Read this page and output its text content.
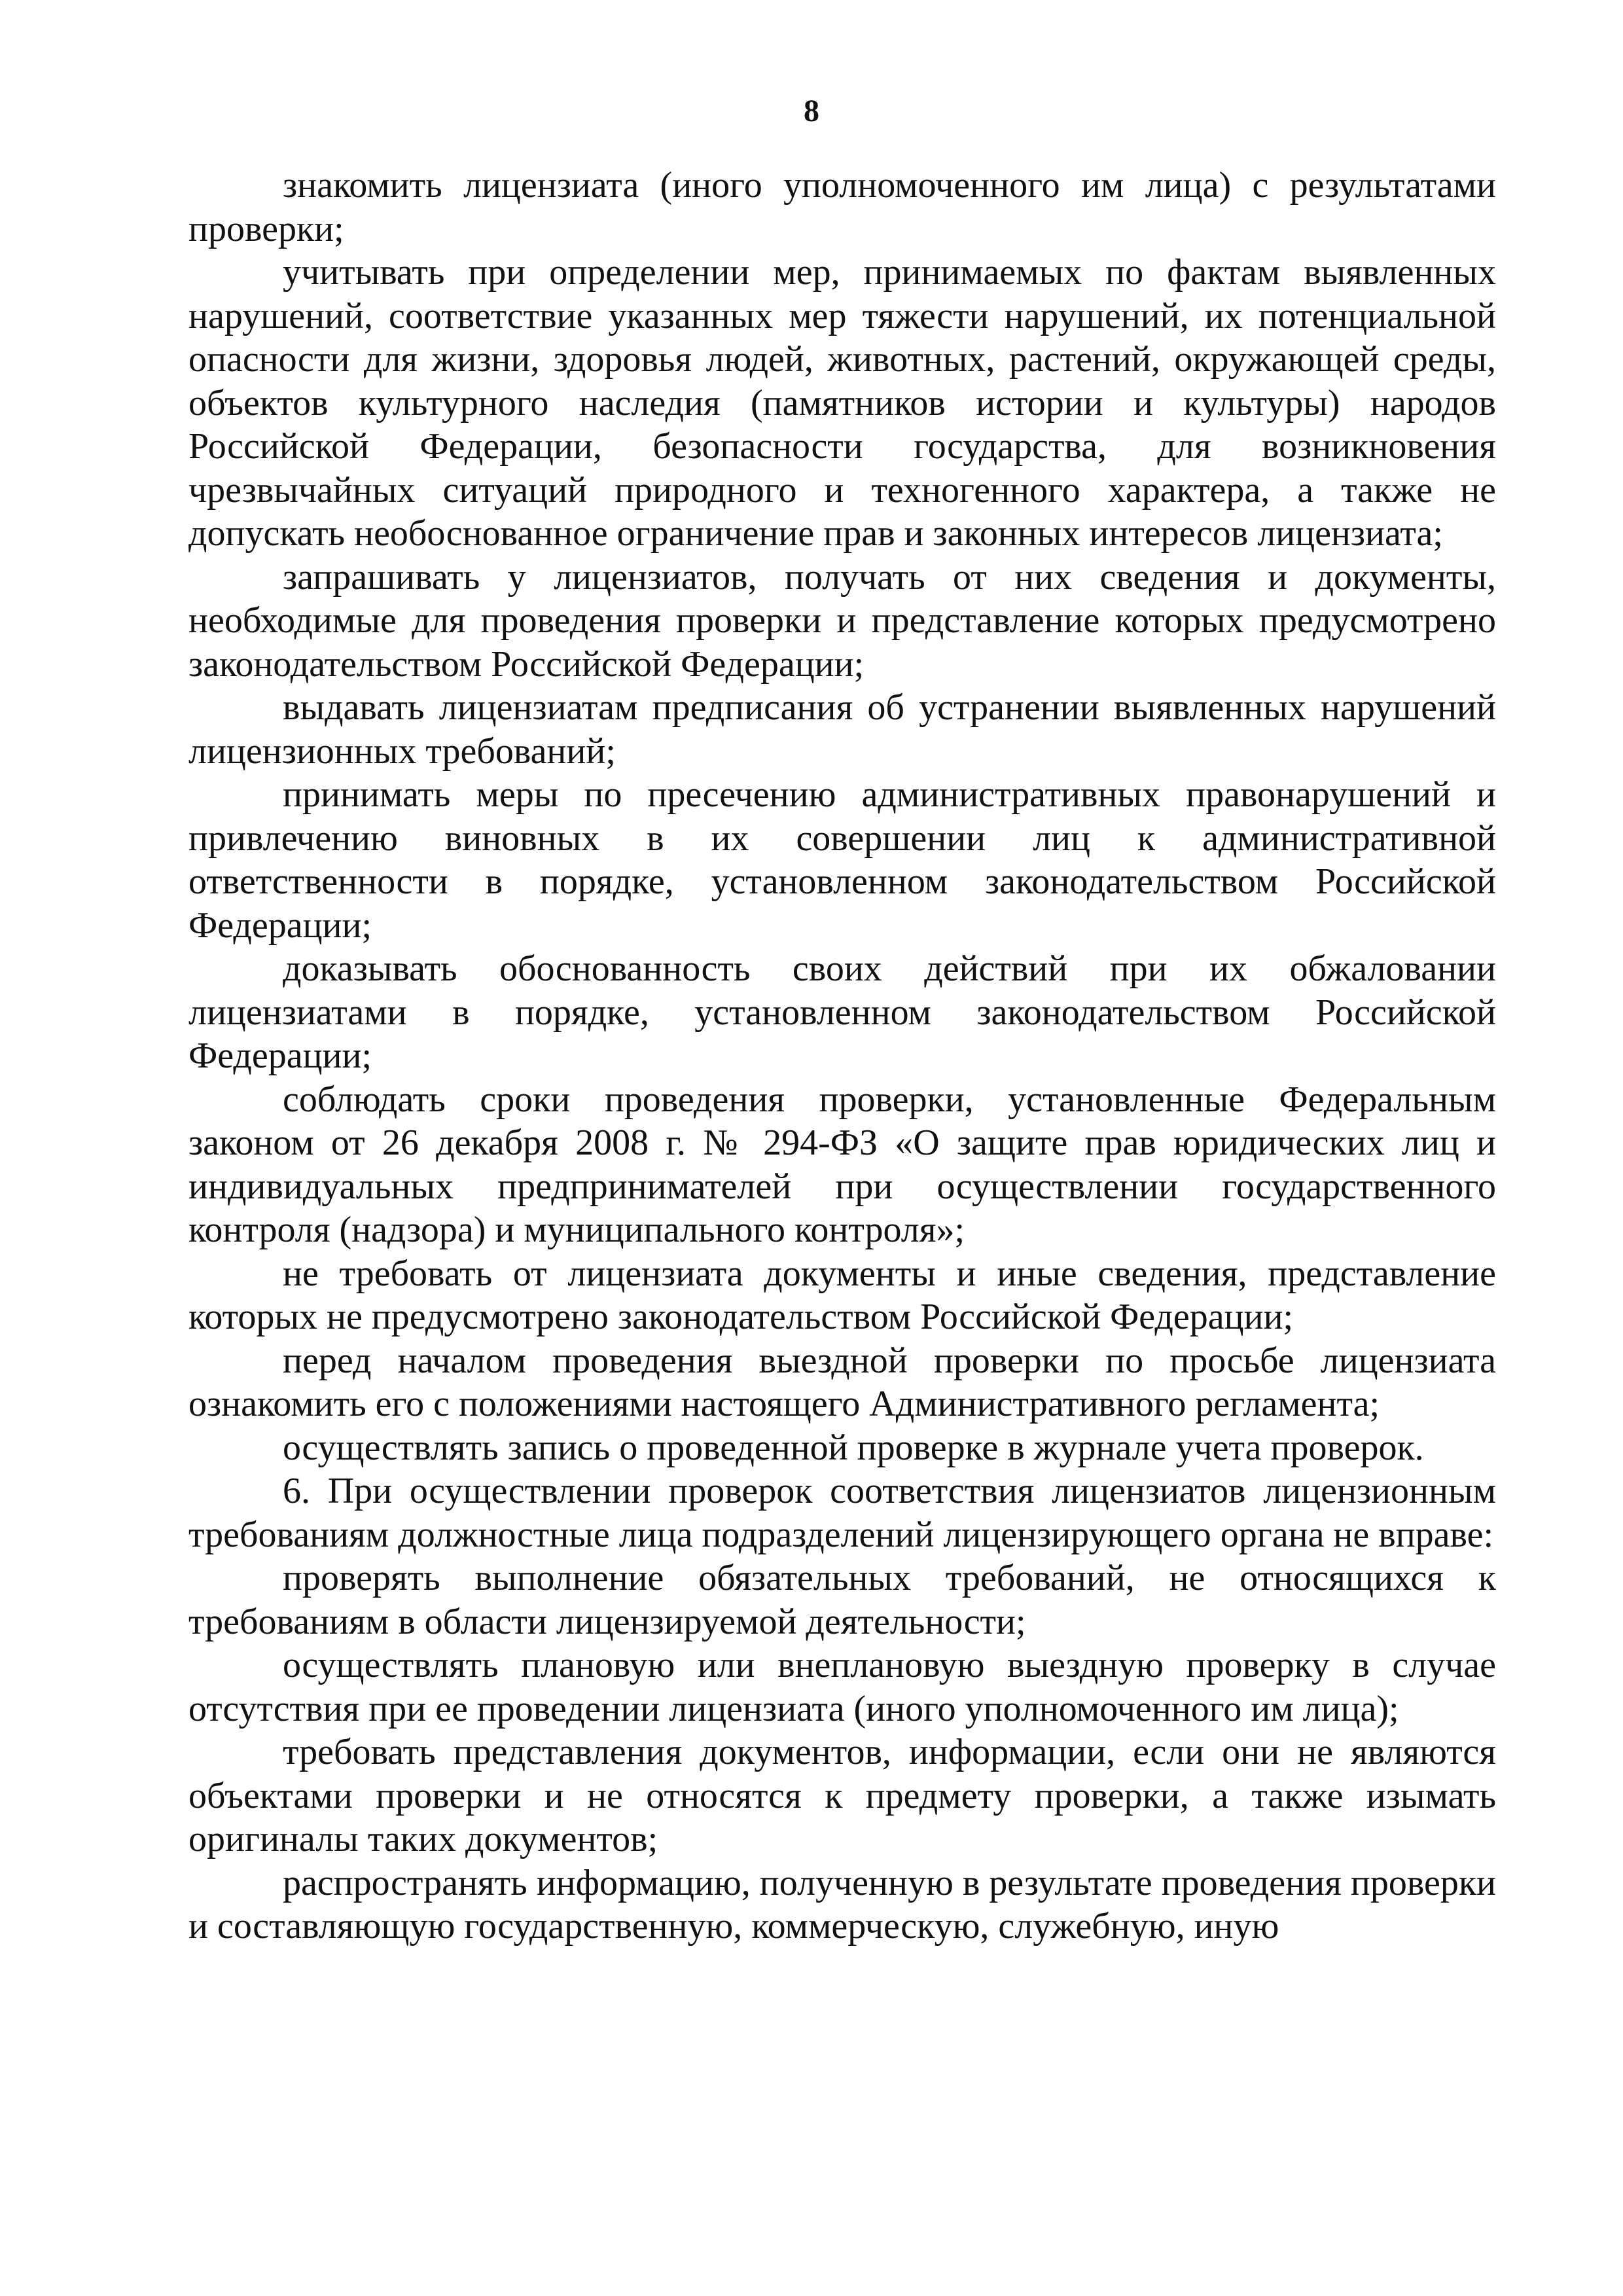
8

знакомить лицензиата (иного уполномоченного им лица) с результатами проверки;

учитывать при определении мер, принимаемых по фактам выявленных нарушений, соответствие указанных мер тяжести нарушений, их потенциальной опасности для жизни, здоровья людей, животных, растений, окружающей среды, объектов культурного наследия (памятников истории и культуры) народов Российской Федерации, безопасности государства, для возникновения чрезвычайных ситуаций природного и техногенного характера, а также не допускать необоснованное ограничение прав и законных интересов лицензиата;

запрашивать у лицензиатов, получать от них сведения и документы, необходимые для проведения проверки и представление которых предусмотрено законодательством Российской Федерации;

выдавать лицензиатам предписания об устранении выявленных нарушений лицензионных требований;

принимать меры по пресечению административных правонарушений и привлечению виновных в их совершении лиц к административной ответственности в порядке, установленном законодательством Российской Федерации;

доказывать обоснованность своих действий при их обжаловании лицензиатами в порядке, установленном законодательством Российской Федерации;

соблюдать сроки проведения проверки, установленные Федеральным законом от 26 декабря 2008 г. № 294-ФЗ «О защите прав юридических лиц и индивидуальных предпринимателей при осуществлении государственного контроля (надзора) и муниципального контроля»;

не требовать от лицензиата документы и иные сведения, представление которых не предусмотрено законодательством Российской Федерации;

перед началом проведения выездной проверки по просьбе лицензиата ознакомить его с положениями настоящего Административного регламента;

осуществлять запись о проведенной проверке в журнале учета проверок.

6. При осуществлении проверок соответствия лицензиатов лицензионным требованиям должностные лица подразделений лицензирующего органа не вправе:

проверять выполнение обязательных требований, не относящихся к требованиям в области лицензируемой деятельности;

осуществлять плановую или внеплановую выездную проверку в случае отсутствия при ее проведении лицензиата (иного уполномоченного им лица);

требовать представления документов, информации, если они не являются объектами проверки и не относятся к предмету проверки, а также изымать оригиналы таких документов;

распространять информацию, полученную в результате проведения проверки и составляющую государственную, коммерческую, служебную, иную
